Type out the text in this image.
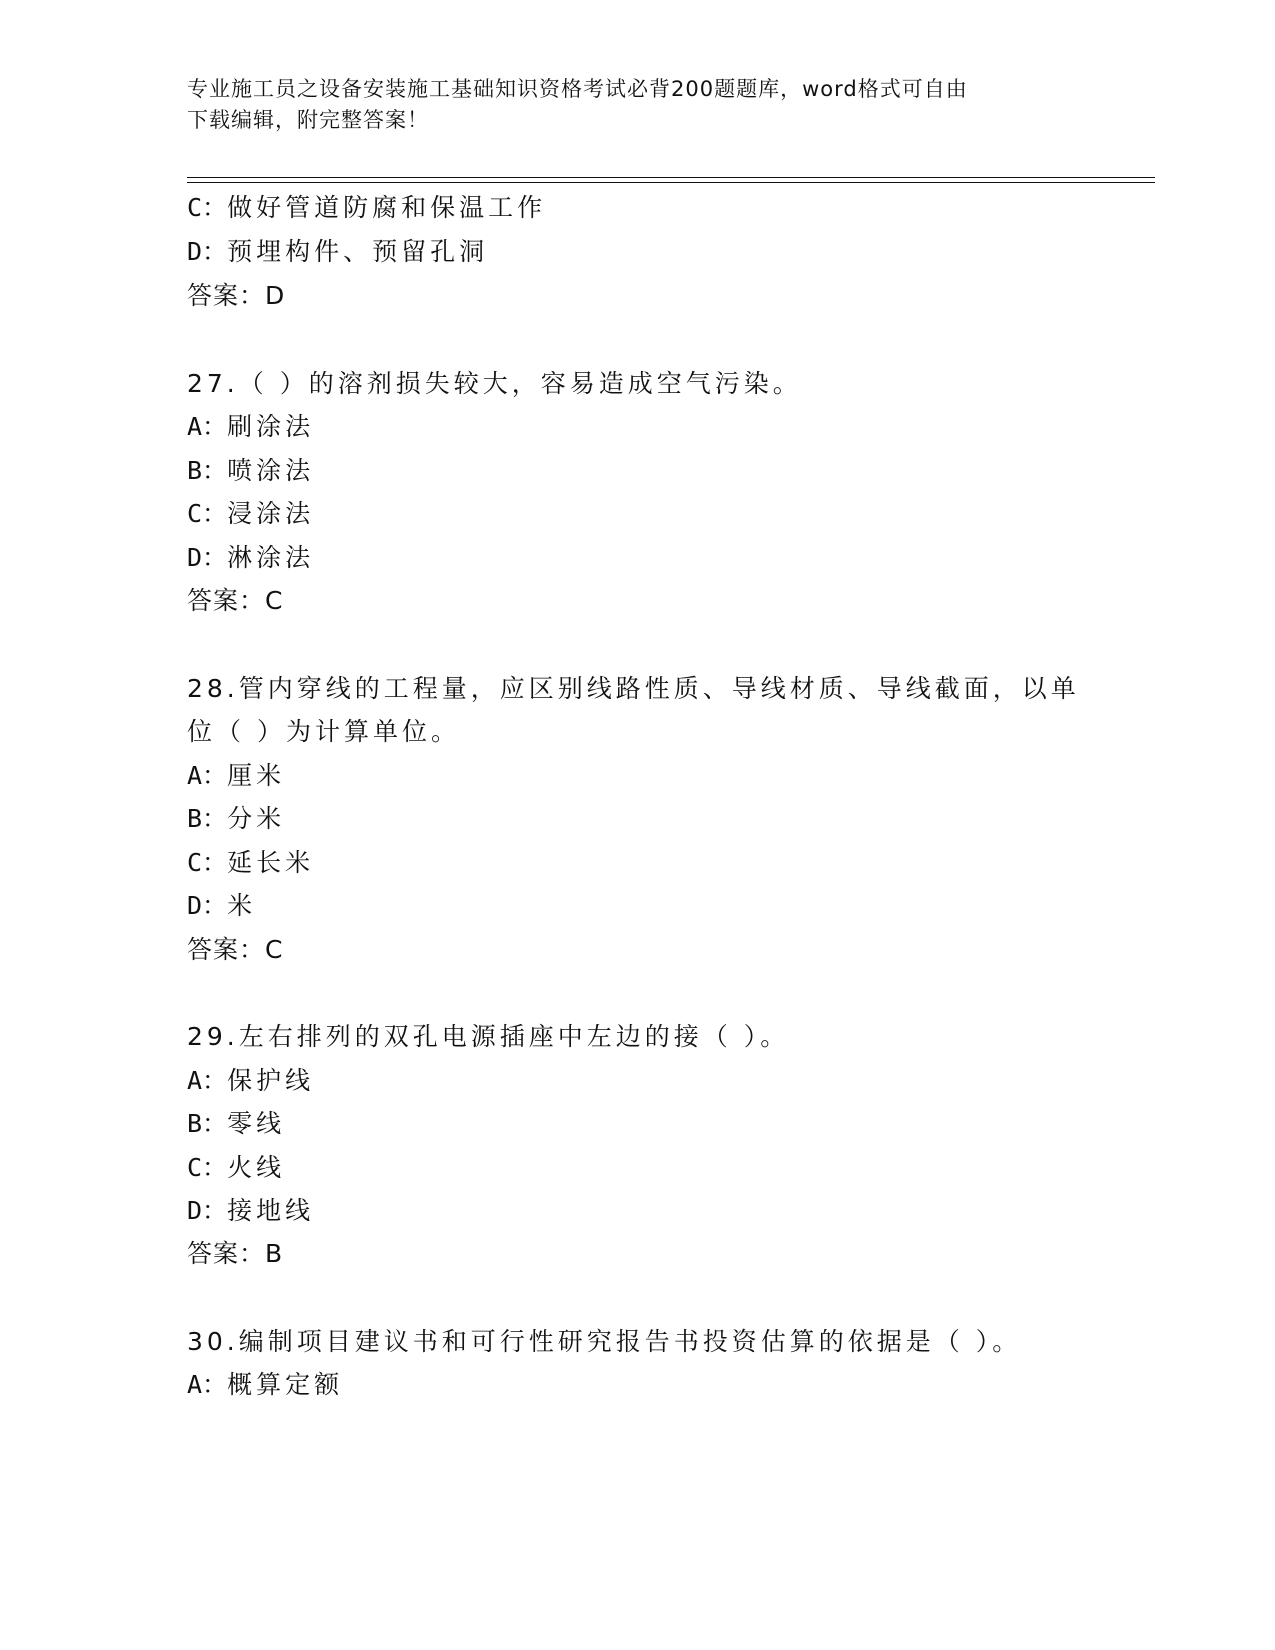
专业施工员之设备安装施工基础知识资格考试必背200题题库，word格式可自由
下载编辑，附完整答案！
C：做好管道防腐和保温工作
D：预埋构件、预留孔洞
答案：D
27.（ ）的溶剂损失较大，容易造成空气污染。
A：刷涂法
B：喷涂法
C：浸涂法
D：淋涂法
答案：C
28.管内穿线的工程量，应区别线路性质、导线材质、导线截面，以单
位（ ）为计算单位。
A：厘米
B：分米
C：延长米
D：米
答案：C
29.左右排列的双孔电源插座中左边的接（ ）。
A：保护线
B：零线
C：火线
D：接地线
答案：B
30.编制项目建议书和可行性研究报告书投资估算的依据是（ ）。
A：概算定额
